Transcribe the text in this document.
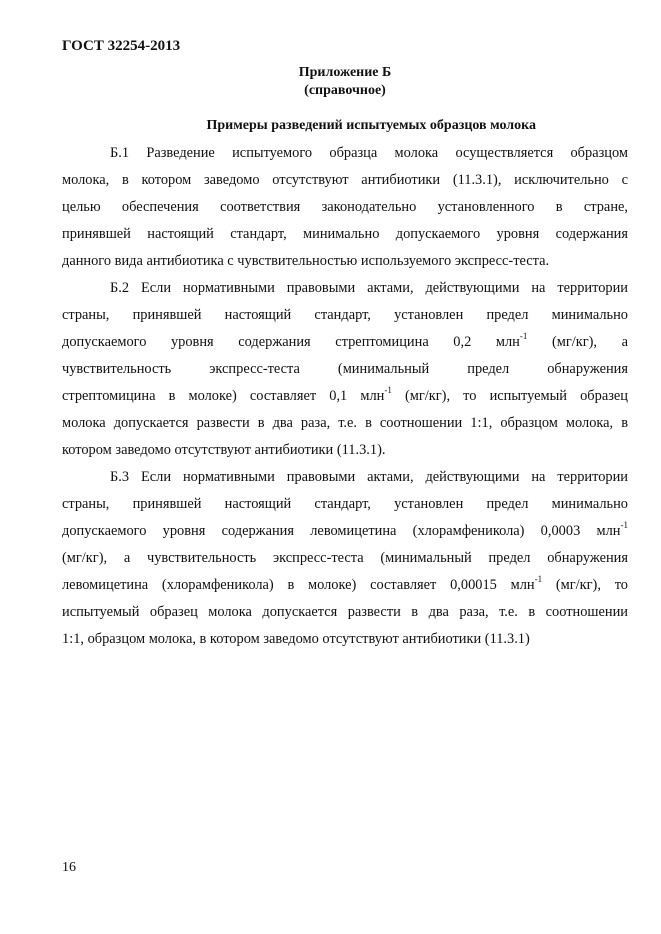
ГОСТ 32254-2013
Приложение Б
(справочное)
Примеры разведений испытуемых образцов молока
Б.1 Разведение испытуемого образца молока осуществляется образцом
молока, в котором заведомо отсутствуют антибиотики (11.3.1), исключительно с
целью обеспечения соответствия законодательно установленного в стране,
принявшей настоящий стандарт, минимально допускаемого уровня содержания
данного вида антибиотика с чувствительностью используемого экспресс-теста.
Б.2 Если нормативными правовыми актами, действующими на территории
страны, принявшей настоящий стандарт, установлен предел минимально
допускаемого уровня содержания стрептомицина 0,2 млн$^{-1}$ (мг/кг), а
чувствительность экспресс-теста (минимальный предел обнаружения
стрептомицина в молоке) составляет 0,1 млн$^{-1}$ (мг/кг), то испытуемый образец
молока допускается развести в два раза, т.е. в соотношении 1:1, образцом молока, в
котором заведомо отсутствуют антибиотики (11.3.1).
Б.3 Если нормативными правовыми актами, действующими на территории
страны, принявшей настоящий стандарт, установлен предел минимально
допускаемого уровня содержания левомицетина (хлорамфеникола) 0,0003 млн$^{-1}$
(мг/кг), а чувствительность экспресс-теста (минимальный предел обнаружения
левомицетина (хлорамфеникола) в молоке) составляет 0,00015 млн$^{-1}$ (мг/кг), то
испытуемый образец молока допускается развести в два раза, т.е. в соотношении
1:1, образцом молока, в котором заведомо отсутствуют антибиотики (11.3.1)
16
